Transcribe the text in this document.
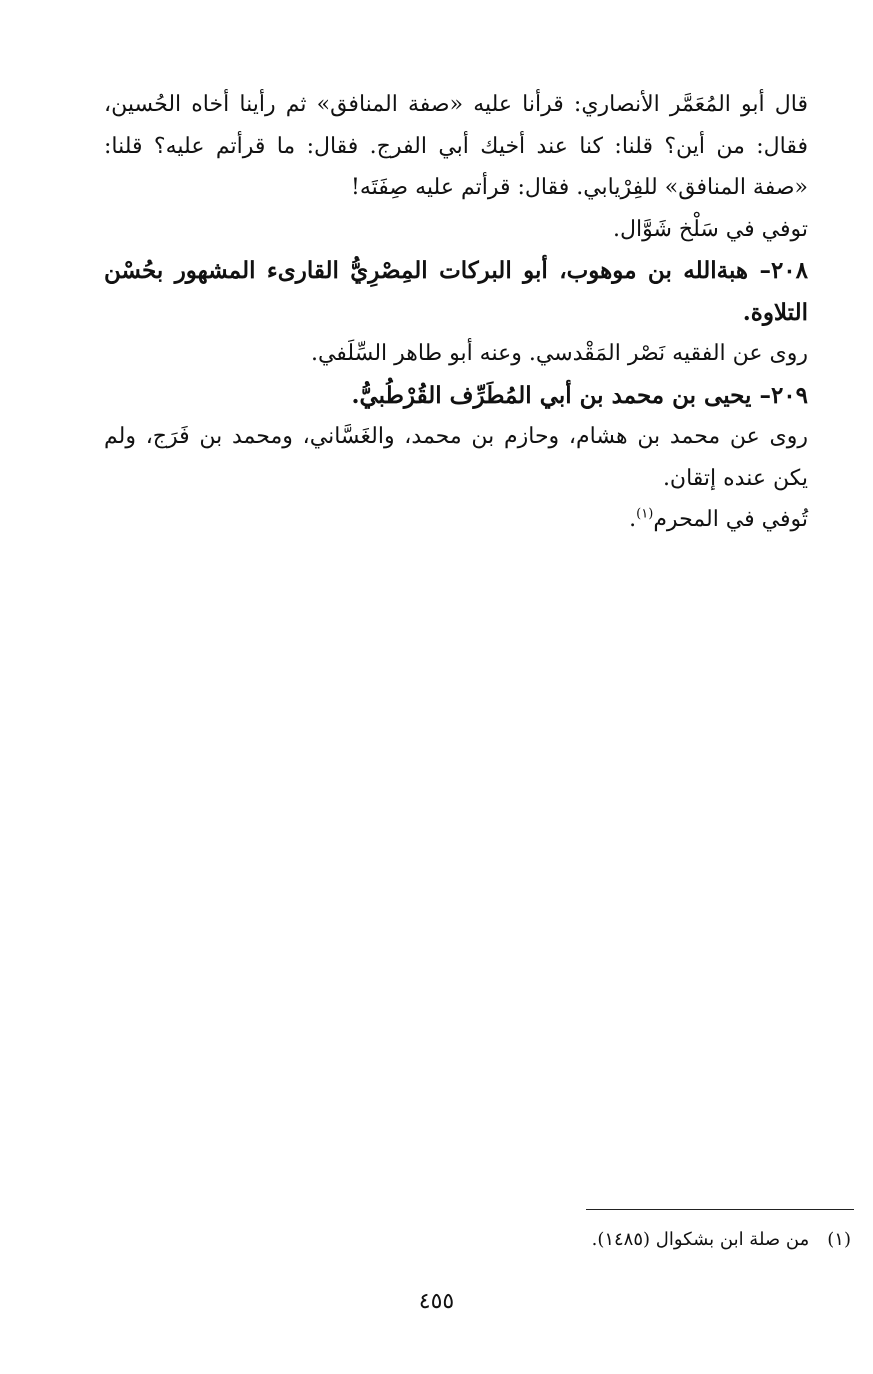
قال أبو المُعَمَّر الأنصاري: قرأنا عليه «صفة المنافق» ثم رأينا أخاه الحُسين، فقال: من أين؟ قلنا: كنا عند أخيك أبي الفرج. فقال: ما قرأتم عليه؟ قلنا: «صفة المنافق» للفِرْيابي. فقال: قرأتم عليه صِفَتَه!

توفي في سَلْخ شَوَّال.

٢٠٨– هبةالله بن موهوب، أبو البركات المِصْرِيُّ القارىء المشهور بحُسْن التلاوة.

روى عن الفقيه نَصْر المَقْدسي. وعنه أبو طاهر السِّلَفي.

٢٠٩– يحيى بن محمد بن أبي المُطَرِّف القُرْطُبيُّ.

روى عن محمد بن هشام، وحازم بن محمد، والغَسَّاني، ومحمد بن فَرَج، ولم يكن عنده إتقان.

تُوفي في المحرم$^{(١)}$.

(١)من صلة ابن بشكوال (١٤٨٥).
٤٥٥
